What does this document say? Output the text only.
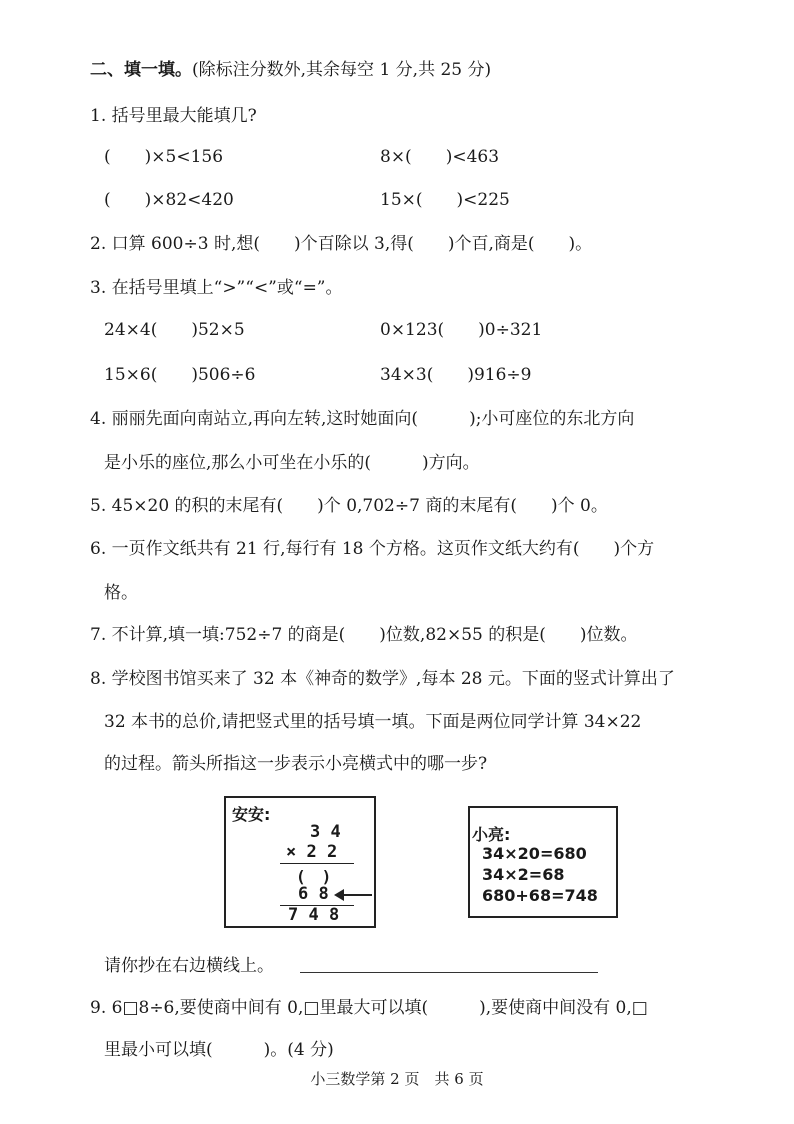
二、填一填。(除标注分数外,其余每空 1 分,共 25 分)
1. 括号里最大能填几?
(　　)×5<156	8×(　　)<463
(　　)×82<420	15×(　　)<225
2. 口算 600÷3 时,想(　　)个百除以 3,得(　　)个百,商是(　　)。
3. 在括号里填上“>”“<”或“=”。
24×4(　　)52×5	0×123(　　)0÷321
15×6(　　)506÷6	34×3(　　)916÷9
4. 丽丽先面向南站立,再向左转,这时她面向(　　　);小可座位的东北方向
是小乐的座位,那么小可坐在小乐的(　　　)方向。
5. 45×20 的积的末尾有(　　)个 0,702÷7 商的末尾有(　　)个 0。
6. 一页作文纸共有 21 行,每行有 18 个方格。这页作文纸大约有(　　)个方
格。
7. 不计算,填一填:752÷7 的商是(　　)位数,82×55 的积是(　　)位数。
8. 学校图书馆买来了 32 本《神奇的数学》,每本 28 元。下面的竖式计算出了
32 本书的总价,请把竖式里的括号填一填。下面是两位同学计算 34×22
的过程。箭头所指这一步表示小亮横式中的哪一步?
安安:
3 4
× 2 2
(　)
6 8
7 4 8
小亮:
34×20=680
34×2=68
680+68=748
请你抄在右边横线上。
9. 6□8÷6,要使商中间有 0,□里最大可以填(　　　),要使商中间没有 0,□
里最小可以填(　　　)。(4 分)
小三数学第 2 页　共 6 页
